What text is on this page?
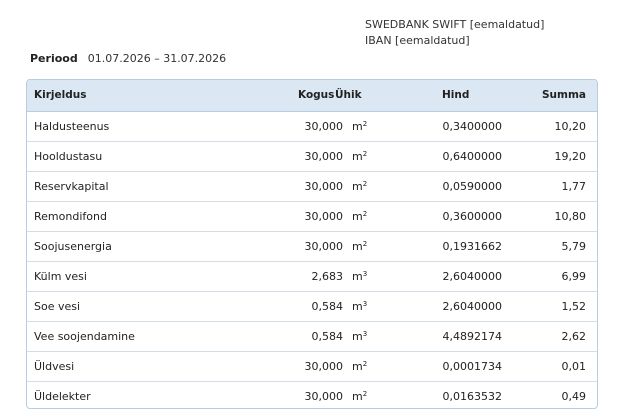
SWEDBANK SWIFT [eemaldatud]
IBAN [eemaldatud]
Periood 01.07.2026 – 31.07.2026
Kirjeldus	Kogus Ühik	Hind	Summa
Haldusteenus	30,000 $m^2$	0,3400000	10,20
Hooldustasu	30,000 $m^2$	0,6400000	19,20
Reservkapital	30,000 $m^2$	0,0590000	1,77
Remondifond	30,000 $m^2$	0,3600000	10,80
Soojusenergia	30,000 $m^2$	0,1931662	5,79
Külm vesi	2,683 $m^3$	2,6040000	6,99
Soe vesi	0,584 $m^3$	2,6040000	1,52
Vee soojendamine	0,584 $m^3$	4,4892174	2,62
Üldvesi	30,000 $m^2$	0,0001734	0,01
Üldelekter	30,000 $m^2$	0,0163532	0,49
